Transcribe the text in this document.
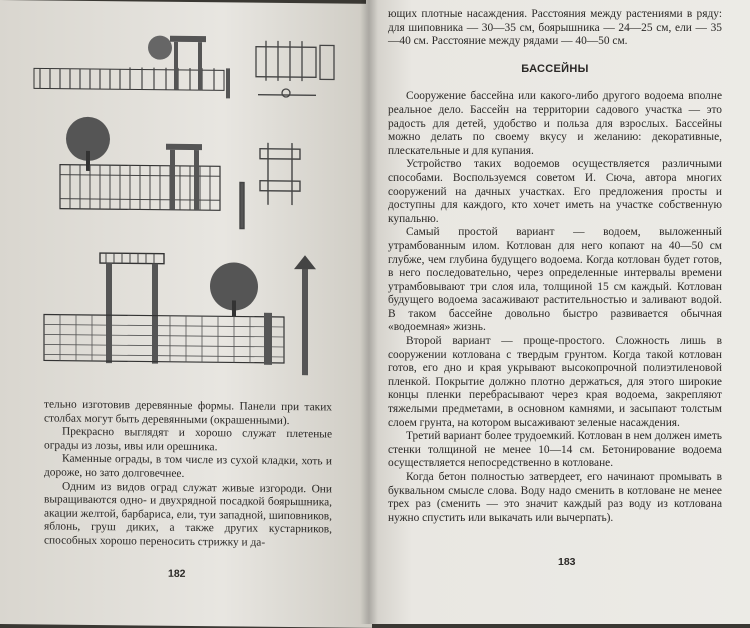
тельно изготовив деревянные формы. Панели при таких столбах могут быть деревянными (окрашенными).

Прекрасно выглядят и хорошо служат плетеные ограды из лозы, ивы или орешника.

Каменные ограды, в том числе из сухой кладки, хоть и дороже, но зато долговечнее.

Одним из видов оград служат живые изгороди. Они выращиваются одно- и двухрядной посадкой боярышника, акации желтой, барбариса, ели, туи западной, шиповников, яблонь, груш диких, а также других кустарников, способных хорошо переносить стрижку и да-

182

ющих плотные насаждения. Расстояния между растениями в ряду: для шиповника — 30—35 см, боярышника — 24—25 см, ели — 35—40 см. Расстояние между рядами — 40—50 см.

БАССЕЙНЫ

Сооружение бассейна или какого-либо другого водоема вполне реальное дело. Бассейн на территории садового участка — это радость для детей, удобство и польза для взрослых. Бассейны можно делать по своему вкусу и желанию: декоративные, плескательные и для купания.

Устройство таких водоемов осуществляется различными способами. Воспользуемся советом И. Сюча, автора многих сооружений на дачных участках. Его предложения просты и доступны для каждого, кто хочет иметь на участке собственную купальню.

Самый простой вариант — водоем, выложенный утрамбованным илом. Котлован для него копают на 40—50 см глубже, чем глубина будущего водоема. Когда котлован будет готов, в него последовательно, через определенные интервалы времени утрамбовывают три слоя ила, толщиной 15 см каждый. Котлован будущего водоема засаживают растительностью и заливают водой. В таком бассейне довольно быстро развивается обычная «водоемная» жизнь.

Второй вариант — проще-простого. Сложность лишь в сооружении котлована с твердым грунтом. Когда такой котлован готов, его дно и края укрывают высокопрочной полиэтиленовой пленкой. Покрытие должно плотно держаться, для этого широкие концы пленки перебрасывают через края водоема, закрепляют тяжелыми предметами, в основном камнями, и засыпают толстым слоем грунта, на котором высаживают зеленые насаждения.

Третий вариант более трудоемкий. Котлован в нем должен иметь стенки толщиной не менее 10—14 см. Бетонирование водоема осуществляется непосредственно в котловане.

Когда бетон полностью затвердеет, его начинают промывать в буквальном смысле слова. Воду надо сменить в котловане не менее трех раз (сменить — это значит каждый раз воду из котлована нужно спустить или выкачать или вычерпать).

183
